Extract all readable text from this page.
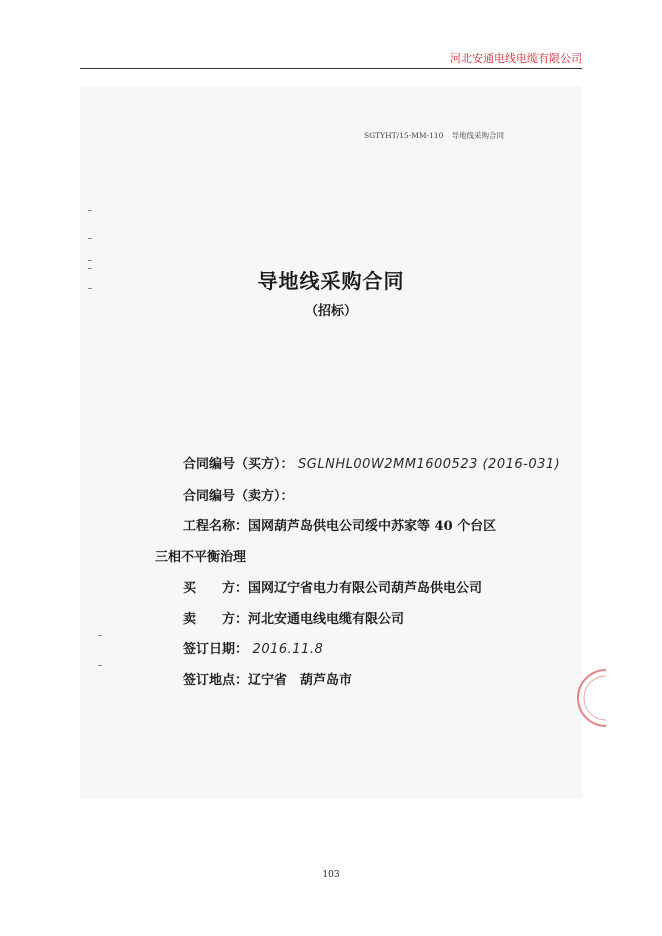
河北安通电线电缆有限公司
SGTYHT/15-MM-110 导地线采购合同
导地线采购合同
（招标）
合同编号（买方）： SGLNHL00W2MM1600523 (2016-031)
合同编号（卖方）：
工程名称：国网葫芦岛供电公司绥中苏家等 40 个台区
三相不平衡治理
买　　方：国网辽宁省电力有限公司葫芦岛供电公司
卖　　方：河北安通电线电缆有限公司
签订日期： 2016.11.8
签订地点：辽宁省　葫芦岛市
103
